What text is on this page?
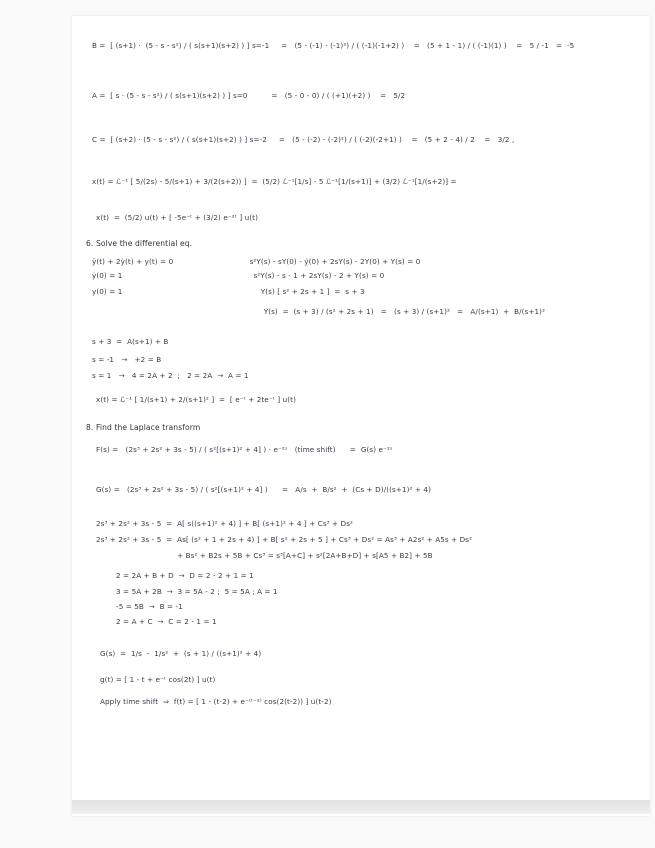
B =  [ (s+1) ·  (5 - s - s²) / ( s(s+1)(s+2) ) ] s=-1     =   (5 - (-1) - (-1)²) / ( (-1)(-1+2) )    =   (5 + 1 - 1) / ( (-1)(1) )    =   5 / -1   =  -5
A =  [ s · (5 - s - s²) / ( s(s+1)(s+2) ) ] s=0          =   (5 - 0 - 0) / ( (+1)(+2) )    =   5/2
C =  [ (s+2) · (5 - s - s²) / ( s(s+1)(s+2) ) ] s=-2     =   (5 - (-2) - (-2)²) / ( (-2)(-2+1) )    =   (5 + 2 - 4) / 2    =   3/2 ,
x(t) = ℒ⁻¹ [ 5/(2s) - 5/(s+1) + 3/(2(s+2)) ]  =  (5/2) ℒ⁻¹[1/s] - 5 ℒ⁻¹[1/(s+1)] + (3/2) ℒ⁻¹[1/(s+2)] =
x(t)  =  (5/2) u(t) + [ -5e⁻ᵗ + (3/2) e⁻²ᵗ ] u(t)
6. Solve the differential eq.
ÿ(t) + 2ẏ(t) + y(t) = 0                                s²Y(s) - sY(0) - ẏ(0) + 2sY(s) - 2Y(0) + Y(s) = 0
ẏ(0) = 1                                                       s²Y(s) - s - 1 + 2sY(s) - 2 + Y(s) = 0
y(0) = 1                                                          Y(s) [ s² + 2s + 1 ]  =  s + 3
Y(s)  =  (s + 3) / (s² + 2s + 1)   =   (s + 3) / (s+1)²   =   A/(s+1)  +  B/(s+1)²
s + 3  =  A(s+1) + B
s = -1   →   +2 = B
s = 1   →   4 = 2A + 2  ;   2 = 2A  →  A = 1
x(t) = ℒ⁻¹ [ 1/(s+1) + 2/(s+1)² ]  =  [ e⁻ᵗ + 2te⁻ᵗ ] u(t)
8. Find the Laplace transform
F(s) =   (2s³ + 2s² + 3s - 5) / ( s²[(s+1)² + 4] ) · e⁻²ˢ   (time shift)      =  G(s) e⁻²ˢ
G(s) =   (2s³ + 2s² + 3s - 5) / ( s²[(s+1)² + 4] )      =   A/s  +  B/s²  +  (Cs + D)/((s+1)² + 4)
2s³ + 2s² + 3s - 5  =  A[ s((s+1)² + 4) ] + B[ (s+1)² + 4 ] + Cs³ + Ds²
2s³ + 2s² + 3s - 5  =  As[ (s² + 1 + 2s + 4) ] + B[ s² + 2s + 5 ] + Cs³ + Ds² = As³ + A2s² + A5s + Ds²
+ Bs² + B2s + 5B + Cs³ = s³[A+C] + s²[2A+B+D] + s[A5 + B2] + 5B
2 = 2A + B + D  →  D = 2 - 2 + 1 = 1
3 = 5A + 2B  →  3 = 5A - 2 ;  5 = 5A ; A = 1
-5 = 5B  →  B = -1
2 = A + C  →  C = 2 - 1 = 1
G(s)  =  1/s  -  1/s²  +  (s + 1) / ((s+1)² + 4)
g(t) = [ 1 - t + e⁻ᵗ cos(2t) ] u(t)
Apply time shift  ⇒  f(t) = [ 1 - (t-2) + e⁻⁽ᵗ⁻²⁾ cos(2(t-2)) ] u(t-2)
